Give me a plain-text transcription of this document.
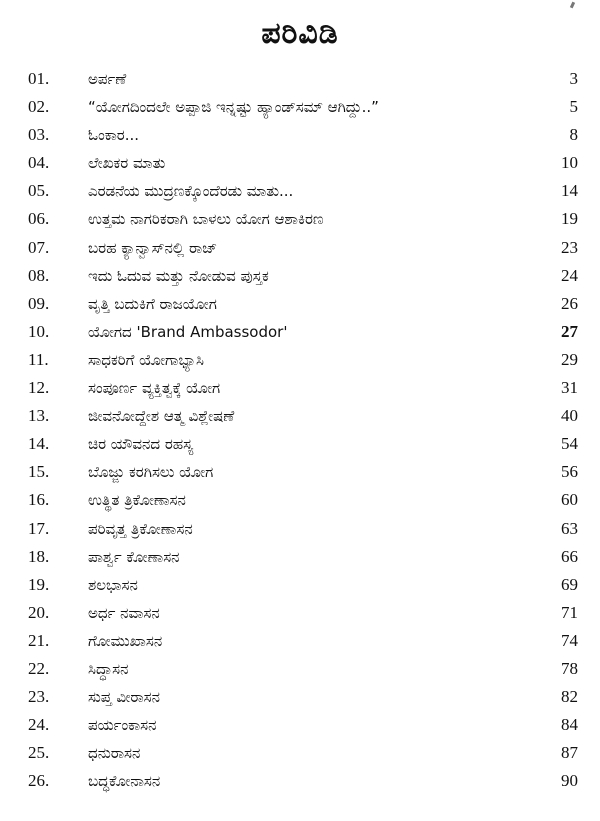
ಪರಿವಿಡಿ
01.	ಅರ್ಪಣೆ	3
02.	“ಯೋಗದಿಂದಲೇ ಅಪ್ಪಾಜಿ ಇನ್ನಷ್ಟು ಹ್ಯಾಂಡ್‌ಸಮ್ ಆಗಿದ್ದು..”	5
03.	ಓಂಕಾರ...	8
04.	ಲೇಖಕರ ಮಾತು	10
05.	ಎರಡನೆಯ ಮುದ್ರಣಕ್ಕೊಂದೆರಡು ಮಾತು...	14
06.	ಉತ್ತಮ ನಾಗರಿಕರಾಗಿ ಬಾಳಲು ಯೋಗ ಆಶಾಕಿರಣ	19
07.	ಬರಹ ಕ್ಯಾನ್ವಾಸ್‌ನಲ್ಲಿ ರಾಜ್	23
08.	ಇದು ಓದುವ ಮತ್ತು ನೋಡುವ ಪುಸ್ತಕ	24
09.	ವೃತ್ತಿ ಬದುಕಿಗೆ ರಾಜಯೋಗ	26
10.	ಯೋಗದ 'Brand Ambassodor'	27
11.	ಸಾಧಕರಿಗೆ ಯೋಗಾಭ್ಯಾಸಿ	29
12.	ಸಂಪೂರ್ಣ ವ್ಯಕ್ತಿತ್ವಕ್ಕೆ ಯೋಗ	31
13.	ಜೀವನೋದ್ದೇಶ ಆತ್ಮ ವಿಶ್ಲೇಷಣೆ	40
14.	ಚಿರ ಯೌವನದ ರಹಸ್ಯ	54
15.	ಬೊಜ್ಜು ಕರಗಿಸಲು ಯೋಗ	56
16.	ಉತ್ಥಿತ ತ್ರಿಕೋಣಾಸನ	60
17.	ಪರಿವೃತ್ತ ತ್ರಿಕೋಣಾಸನ	63
18.	ಪಾರ್ಶ್ವ ಕೋಣಾಸನ	66
19.	ಶಲಭಾಸನ	69
20.	ಅರ್ಧ ನವಾಸನ	71
21.	ಗೋಮುಖಾಸನ	74
22.	ಸಿದ್ಧಾಸನ	78
23.	ಸುಪ್ತ ವೀರಾಸನ	82
24.	ಪರ್ಯಂಕಾಸನ	84
25.	ಧನುರಾಸನ	87
26.	ಬದ್ಧಕೋನಾಸನ	90
